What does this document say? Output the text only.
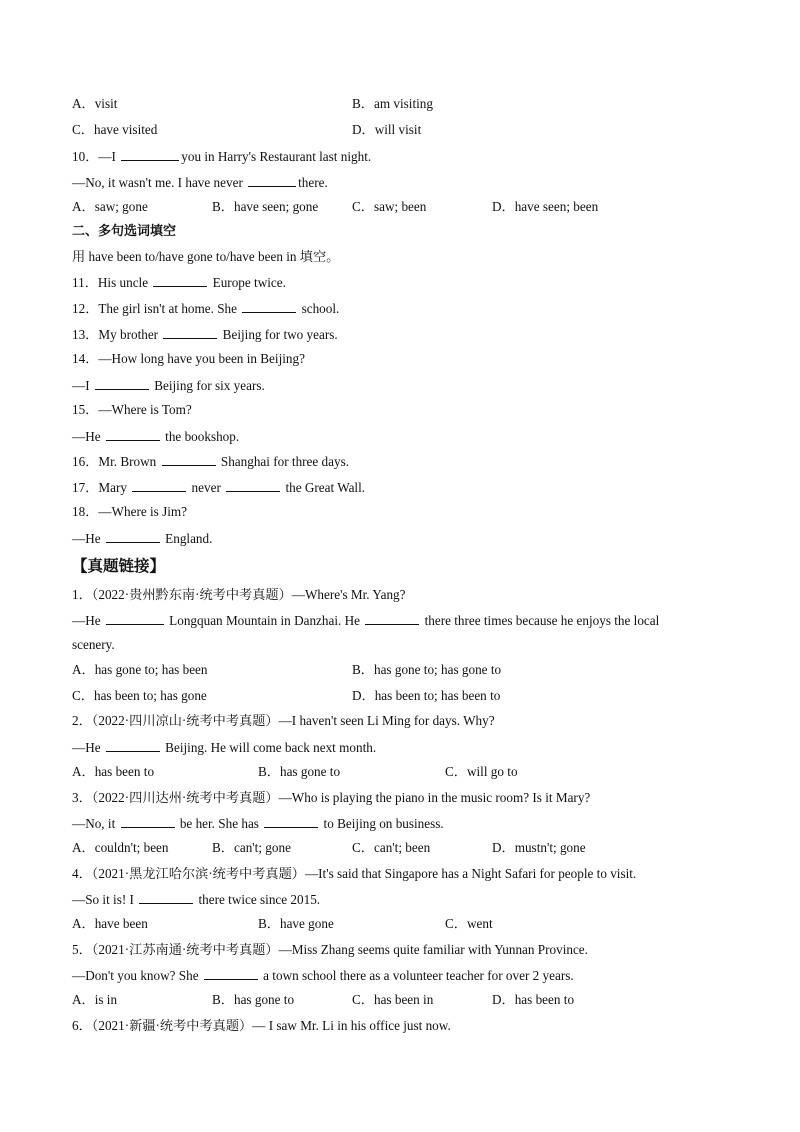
A．visit	B．am visiting
C．have visited	D．will visit
10．—I	you in Harry's Restaurant last night.
—No, it wasn't me. I have never	there.
A．saw; gone	B．have seen; gone	C．saw; been	D．have seen; been
二、多句选词填空
用 have been to/have gone to/have been in 填空。
11．His uncle	Europe twice.
12．The girl isn't at home. She	school.
13．My brother	Beijing for two years.
14．—How long have you been in Beijing?
—I	Beijing for six years.
15．—Where is Tom?
—He	the bookshop.
16．Mr. Brown	Shanghai for three days.
17．Mary	never	the Great Wall.
18．—Where is Jim?
—He	England.
【真题链接】
1．（2022·贵州黔东南·统考中考真题）—Where's Mr. Yang?
—He	Longquan Mountain in Danzhai. He	there three times because he enjoys the local
scenery.
A．has gone to; has been	B．has gone to; has gone to
C．has been to; has gone	D．has been to; has been to
2．（2022·四川凉山·统考中考真题）—I haven't seen Li Ming for days. Why?
—He	Beijing. He will come back next month.
A．has been to	B．has gone to	C．will go to
3．（2022·四川达州·统考中考真题）—Who is playing the piano in the music room? Is it Mary?
—No, it	be her. She has	to Beijing on business.
A．couldn't; been	B．can't; gone	C．can't; been	D．mustn't; gone
4．（2021·黑龙江哈尔滨·统考中考真题）—It's said that Singapore has a Night Safari for people to visit.
—So it is! I	there twice since 2015.
A．have been	B．have gone	C．went
5．（2021·江苏南通·统考中考真题）—Miss Zhang seems quite familiar with Yunnan Province.
—Don't you know? She	a town school there as a volunteer teacher for over 2 years.
A．is in	B．has gone to	C．has been in	D．has been to
6．（2021·新疆·统考中考真题）— I saw Mr. Li in his office just now.
